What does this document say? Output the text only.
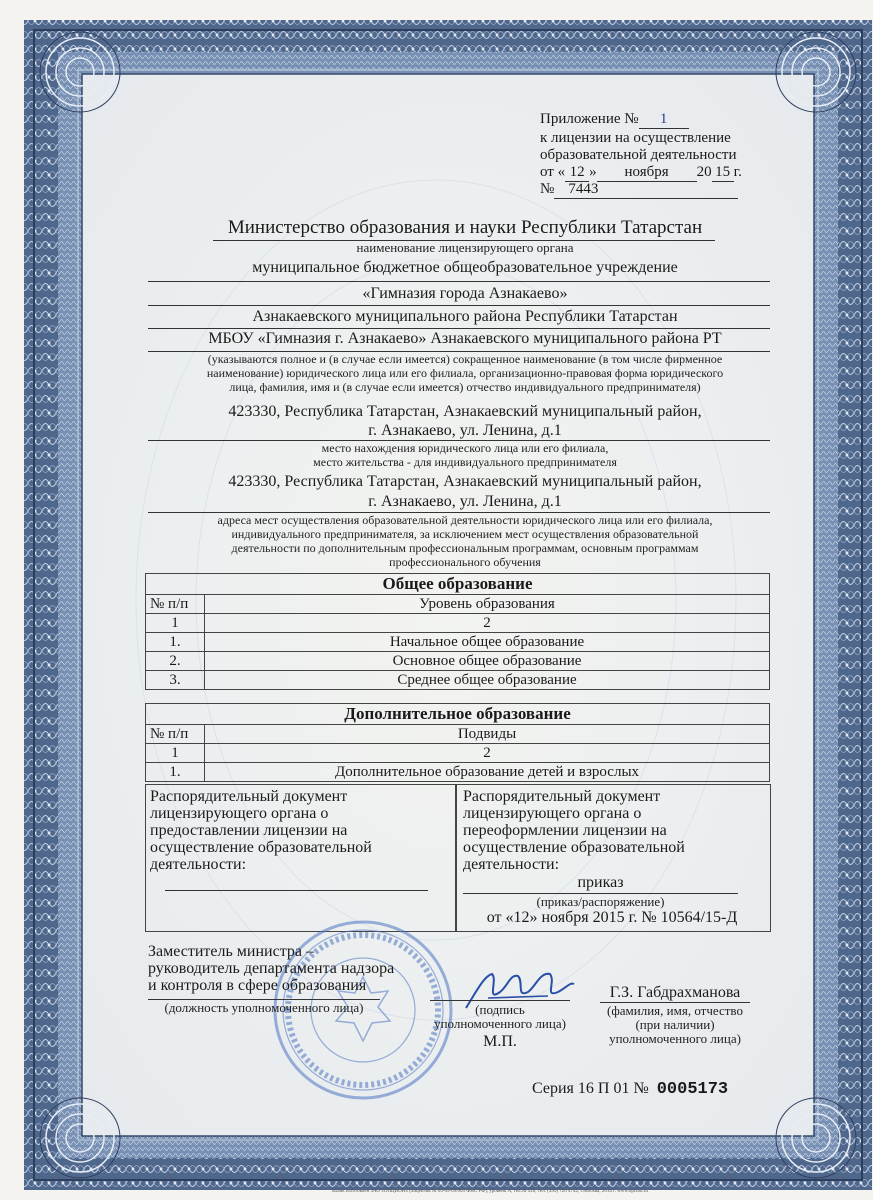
Приложение № 1
к лицензии на осуществление
образовательной деятельности
от « 12 » ноября 20 15 г.
№ 7443
Министерство образования и науки Республики Татарстан
наименование лицензирующего органа
муниципальное бюджетное общеобразовательное учреждение
«Гимназия города Азнакаево»
Азнакаевского муниципального района Республики Татарстан
МБОУ «Гимназия г. Азнакаево» Азнакаевского муниципального района РТ
(указываются полное и (в случае если имеется) сокращенное наименование (в том числе фирменное
наименование) юридического лица или его филиала, организационно-правовая форма юридического
лица, фамилия, имя и (в случае если имеется) отчество индивидуального предпринимателя)
423330, Республика Татарстан, Азнакаевский муниципальный район,
г. Азнакаево, ул. Ленина, д.1
место нахождения юридического лица или его филиала,
место жительства - для индивидуального предпринимателя
423330, Республика Татарстан, Азнакаевский муниципальный район,
г. Азнакаево, ул. Ленина, д.1
адреса мест осуществления образовательной деятельности юридического лица или его филиала,
индивидуального предпринимателя, за исключением мест осуществления образовательной
деятельности по дополнительным профессиональным программам, основным программам
профессионального обучения
Общее образование	
№ п/п	Уровень образования
1	2
1.	Начальное общее образование
2.	Основное общее образование
3.	Среднее общее образование
Дополнительное образование	
№ п/п	Подвиды
1	2
1.	Дополнительное образование детей и взрослых
Распорядительный документ
лицензирующего органа о
предоставлении лицензии на
осуществление образовательной
деятельности:
Распорядительный документ
лицензирующего органа о
переоформлении лицензии на
осуществление образовательной
деятельности:
приказ
(приказ/распоряжение)
от «12» ноября 2015 г. № 10564/15-Д
Заместитель министра –
руководитель департамента надзора
и контроля в сфере образования
(должность уполномоченного лица)	(подпись
уполномоченного лица)
М.П.
Г.З. Габдрахманова
(фамилия, имя, отчество
(при наличии)
уполномоченного лица)
Серия 16 П 01 № 0005173
Бланк изготовлен ЗАО «ОПЦИОН» (лицензия № 05-05-09/003 ФНС РФ), уровень А, тел.№ 520, тел. (495) 726 4742, г.Москва, 2014 г. www.opcion.ru
